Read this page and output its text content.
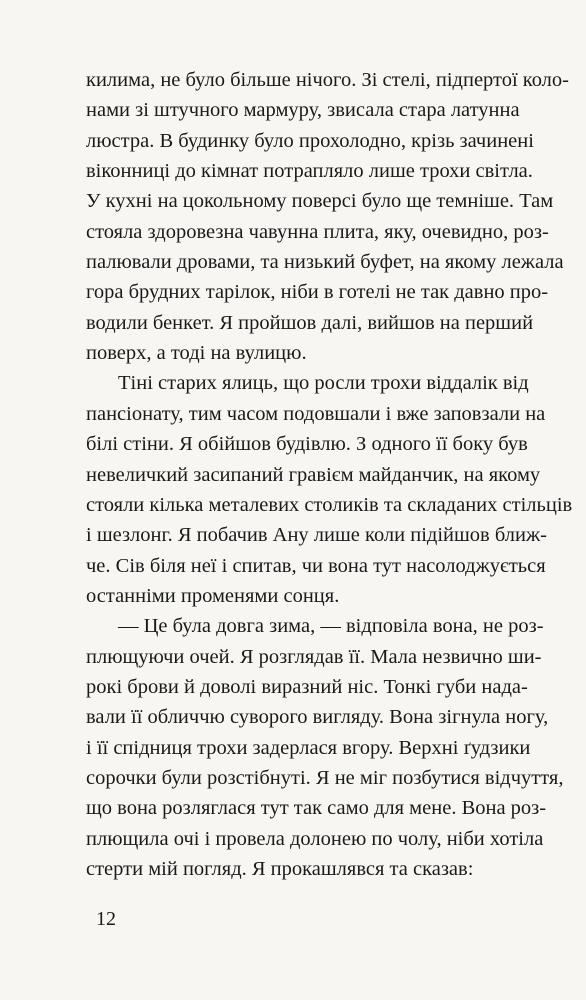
килима, не було більше нічого. Зі стелі, підпертої коло-
нами зі штучного мармуру, звисала стара латунна
люстра. В будинку було прохолодно, крізь зачинені
віконниці до кімнат потрапляло лише трохи світла.
У кухні на цокольному поверсі було ще темніше. Там
стояла здоровезна чавунна плита, яку, очевидно, роз-
палювали дровами, та низький буфет, на якому лежала
гора брудних тарілок, ніби в готелі не так давно про-
водили бенкет. Я пройшов далі, вийшов на перший
поверх, а тоді на вулицю.
Тіні старих ялиць, що росли трохи віддалік від
пансіонату, тим часом подовшали і вже заповзали на
білі стіни. Я обійшов будівлю. З одного її боку був
невеличкий засипаний гравієм майданчик, на якому
стояли кілька металевих столиків та складаних стільців
і шезлонг. Я побачив Ану лише коли підійшов ближ-
че. Сів біля неї і спитав, чи вона тут насолоджується
останніми променями сонця.
— Це була довга зима, — відповіла вона, не роз-
плющуючи очей. Я розглядав її. Мала незвично ши-
рокі брови й доволі виразний ніс. Тонкі губи нада-
вали її обличчю суворого вигляду. Вона зігнула ногу,
і її спідниця трохи задерлася вгору. Верхні ґудзики
сорочки були розстібнуті. Я не міг позбутися відчуття,
що вона розляглася тут так само для мене. Вона роз-
плющила очі і провела долонею по чолу, ніби хотіла
стерти мій погляд. Я прокашлявся та сказав:
12
